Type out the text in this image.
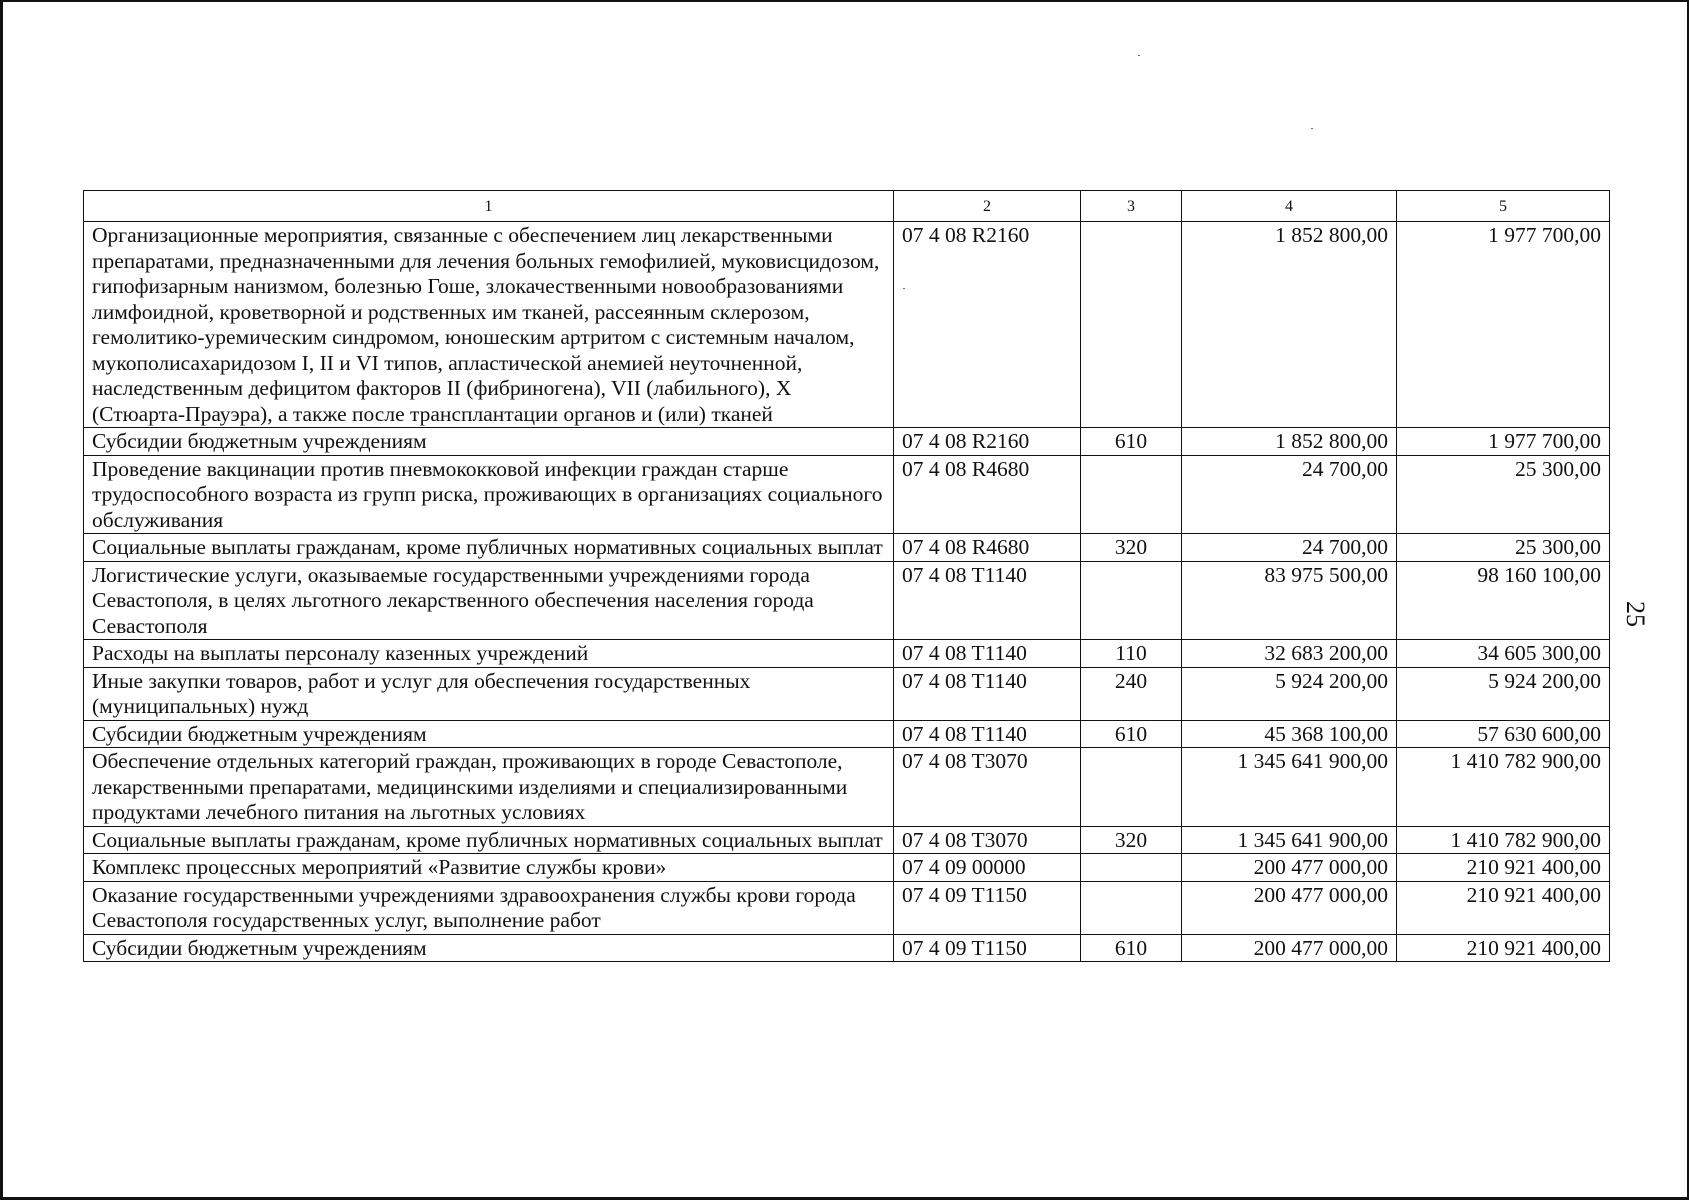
25
1	2	3	4	5
Организационные мероприятия, связанные с обеспечением лиц лекарственными препаратами, предназначенными для лечения больных гемофилией, муковисцидозом, гипофизарным нанизмом, болезнью Гоше, злокачественными новообразованиями лимфоидной, кроветворной и родственных им тканей, рассеянным склерозом, гемолитико-уремическим синдромом, юношеским артритом с системным началом, мукополисахаридозом I, II и VI типов, апластической анемией неуточненной, наследственным дефицитом факторов II (фибриногена), VII (лабильного), X (Стюарта-Прауэра), а также после трансплантации органов и (или) тканей	07 4 08 R2160		1 852 800,00	1 977 700,00
Субсидии бюджетным учреждениям	07 4 08 R2160	610	1 852 800,00	1 977 700,00
Проведение вакцинации против пневмококковой инфекции граждан старше трудоспособного возраста из групп риска, проживающих в организациях социального обслуживания	07 4 08 R4680		24 700,00	25 300,00
Социальные выплаты гражданам, кроме публичных нормативных социальных выплат	07 4 08 R4680	320	24 700,00	25 300,00
Логистические услуги, оказываемые государственными учреждениями города Севастополя, в целях льготного лекарственного обеспечения населения города Севастополя	07 4 08 T1140		83 975 500,00	98 160 100,00
Расходы на выплаты персоналу казенных учреждений	07 4 08 T1140	110	32 683 200,00	34 605 300,00
Иные закупки товаров, работ и услуг для обеспечения государственных (муниципальных) нужд	07 4 08 T1140	240	5 924 200,00	5 924 200,00
Субсидии бюджетным учреждениям	07 4 08 T1140	610	45 368 100,00	57 630 600,00
Обеспечение отдельных категорий граждан, проживающих в городе Севастополе, лекарственными препаратами, медицинскими изделиями и специализированными продуктами лечебного питания на льготных условиях	07 4 08 T3070		1 345 641 900,00	1 410 782 900,00
Социальные выплаты гражданам, кроме публичных нормативных социальных выплат	07 4 08 T3070	320	1 345 641 900,00	1 410 782 900,00
Комплекс процессных мероприятий «Развитие службы крови»	07 4 09 00000		200 477 000,00	210 921 400,00
Оказание государственными учреждениями здравоохранения службы крови города Севастополя государственных услуг, выполнение работ	07 4 09 T1150		200 477 000,00	210 921 400,00
Субсидии бюджетным учреждениям	07 4 09 T1150	610	200 477 000,00	210 921 400,00
